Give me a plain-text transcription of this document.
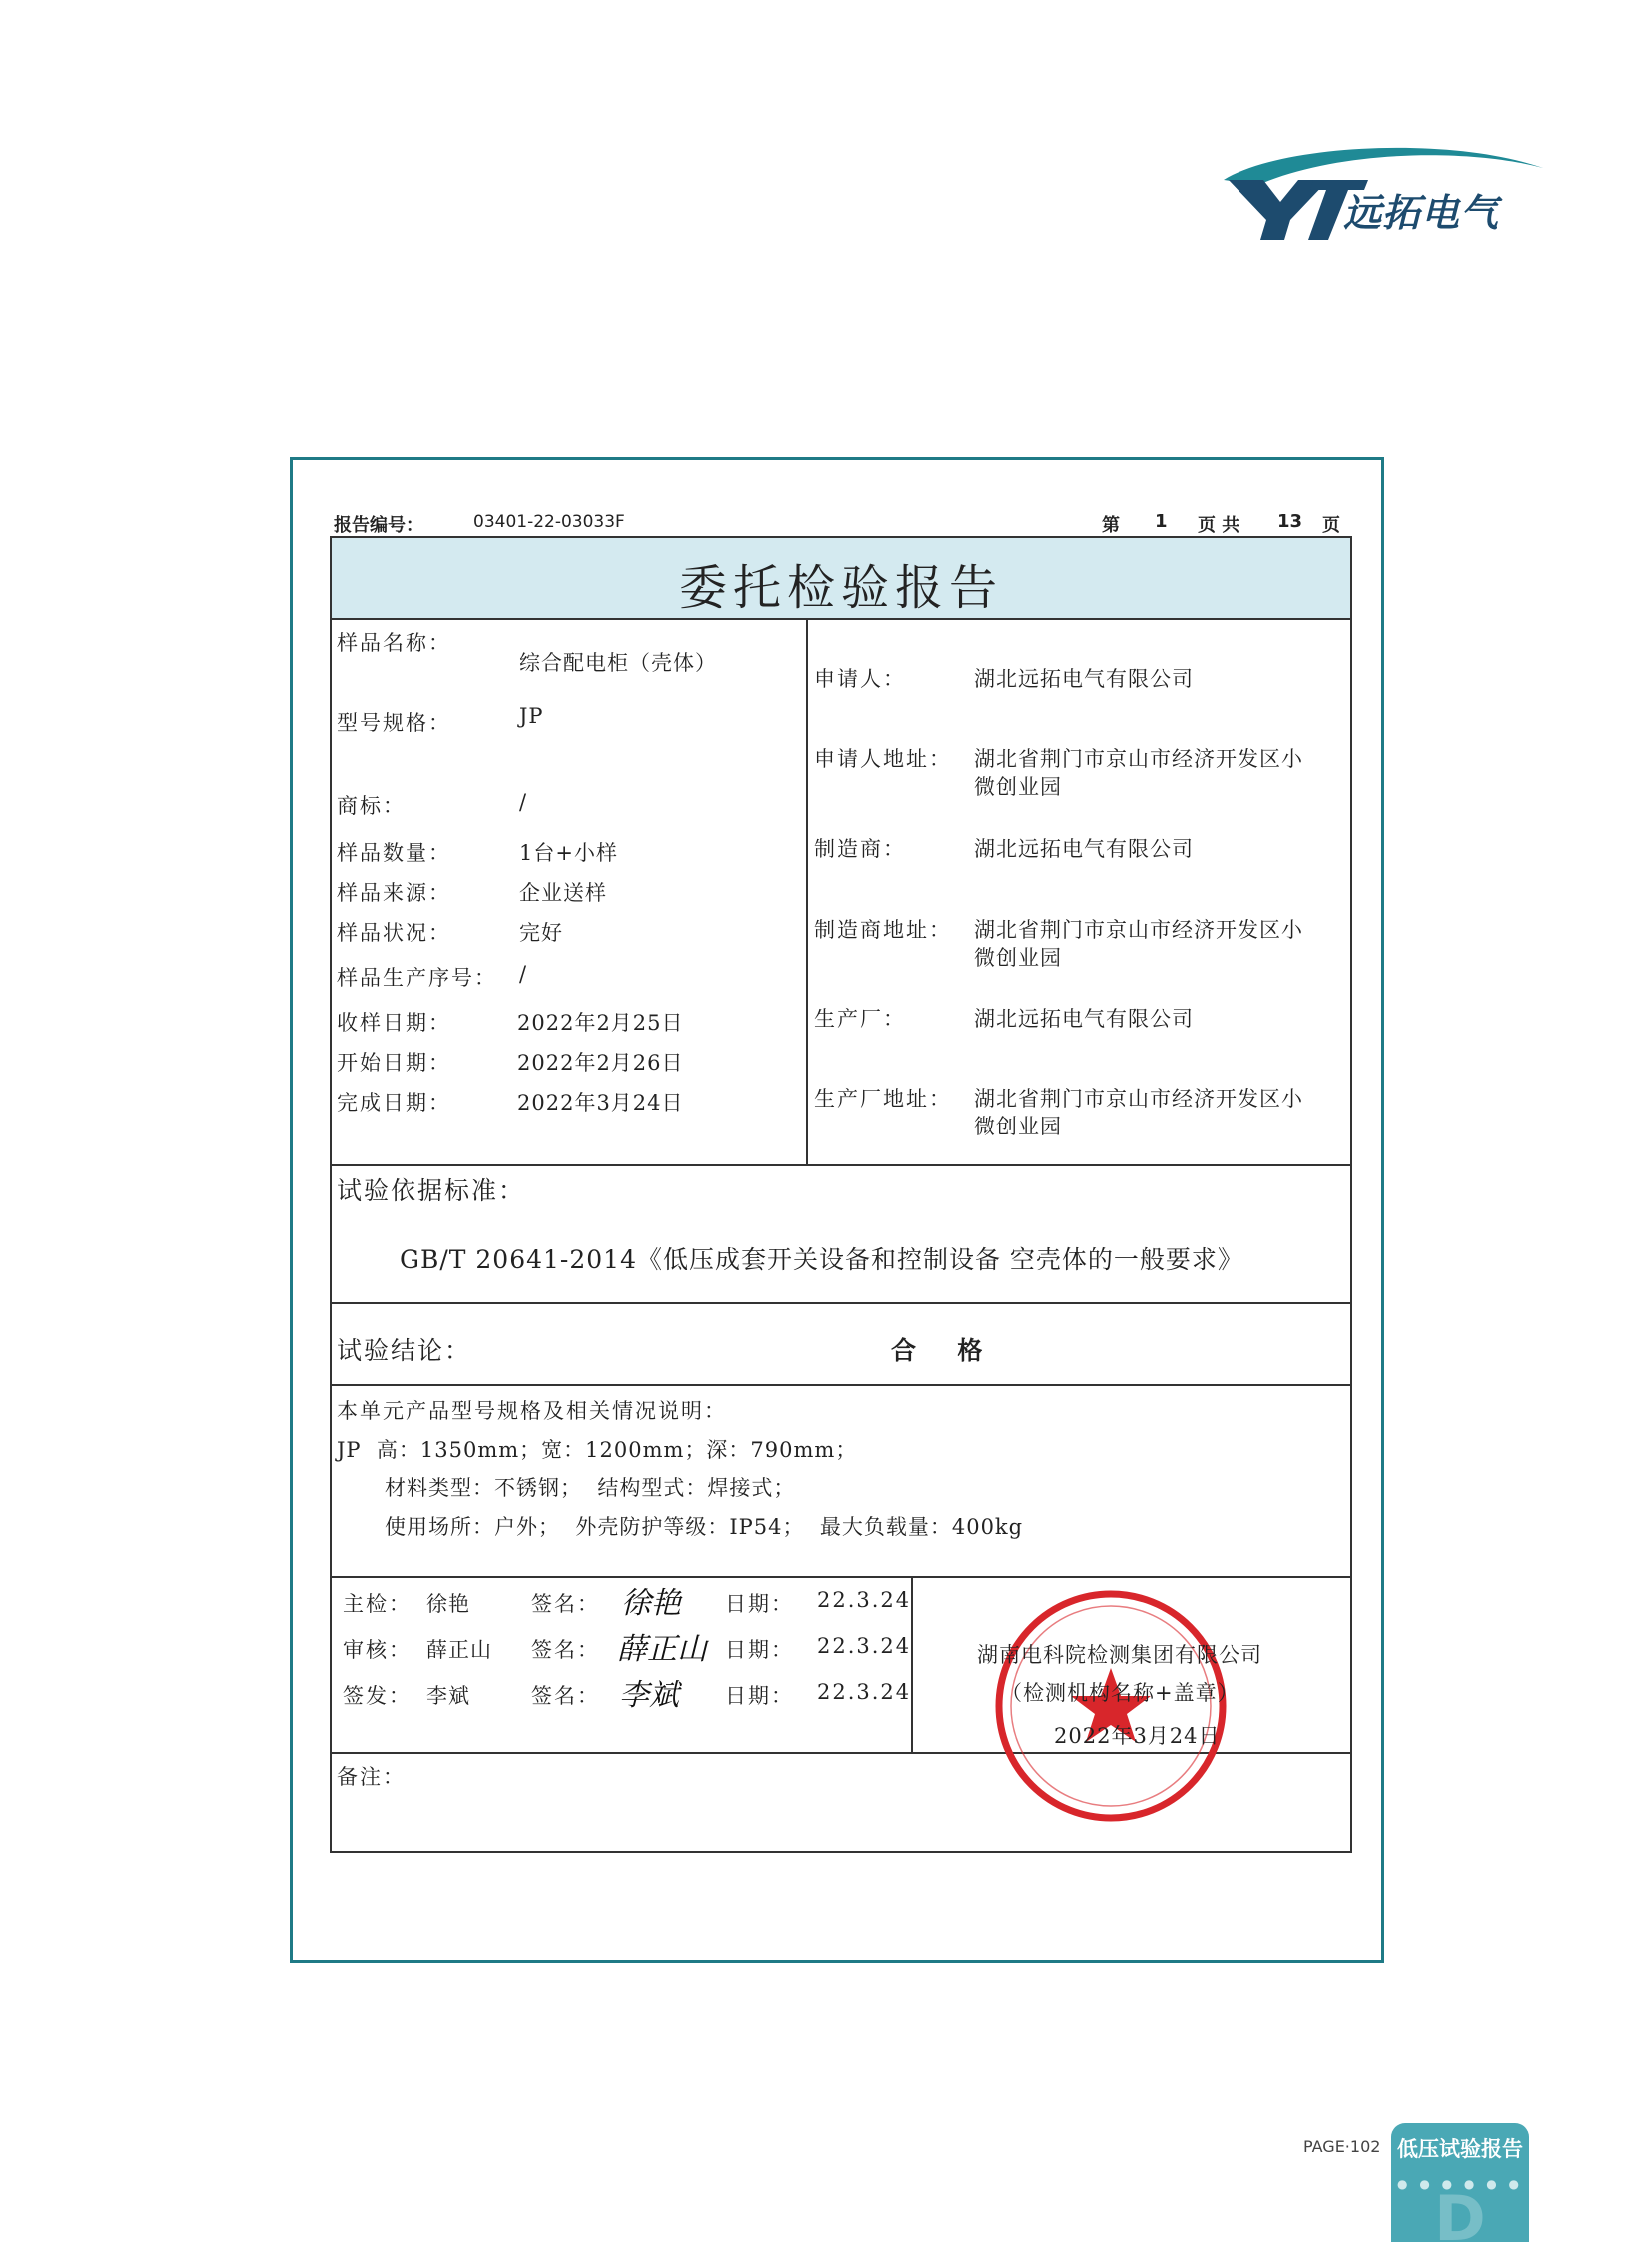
远拓电气
报告编号：	03401-22-03033F	第 1 页 共 13 页
委托检验报告
样品名称：
综合配电柜（壳体）
型号规格：	JP
商标：	/
样品数量：	1台+小样
样品来源：	企业送样
样品状况：	完好
样品生产序号： /
收样日期：	2022年2月25日
开始日期：	2022年2月26日
完成日期：	2022年3月24日
申请人：	湖北远拓电气有限公司
申请人地址： 湖北省荆门市京山市经济开发区小
微创业园
制造商：	湖北远拓电气有限公司
制造商地址： 湖北省荆门市京山市经济开发区小
微创业园
生产厂：	湖北远拓电气有限公司
生产厂地址： 湖北省荆门市京山市经济开发区小
微创业园
试验依据标准：
GB/T 20641-2014《低压成套开关设备和控制设备 空壳体的一般要求》
试验结论：	合  格
本单元产品型号规格及相关情况说明：
JP  高：1350mm；宽：1200mm；深：790mm；
材料类型：不锈钢；  结构型式：焊接式；
使用场所：户外；  外壳防护等级：IP54；  最大负载量：400kg
主检： 徐艳	签名： 徐艳 日期： 22.3.24
审核： 薛正山 签名： 薛正山 日期： 22.3.24
签发： 李斌	签名： 李斌 日期： 22.3.24
湖南电科院检测集团有限公司
（检测机构名称+盖章）
2022年3月24日
备注：
PAGE·102
D
低压试验报告
● ● ● ● ● ●
